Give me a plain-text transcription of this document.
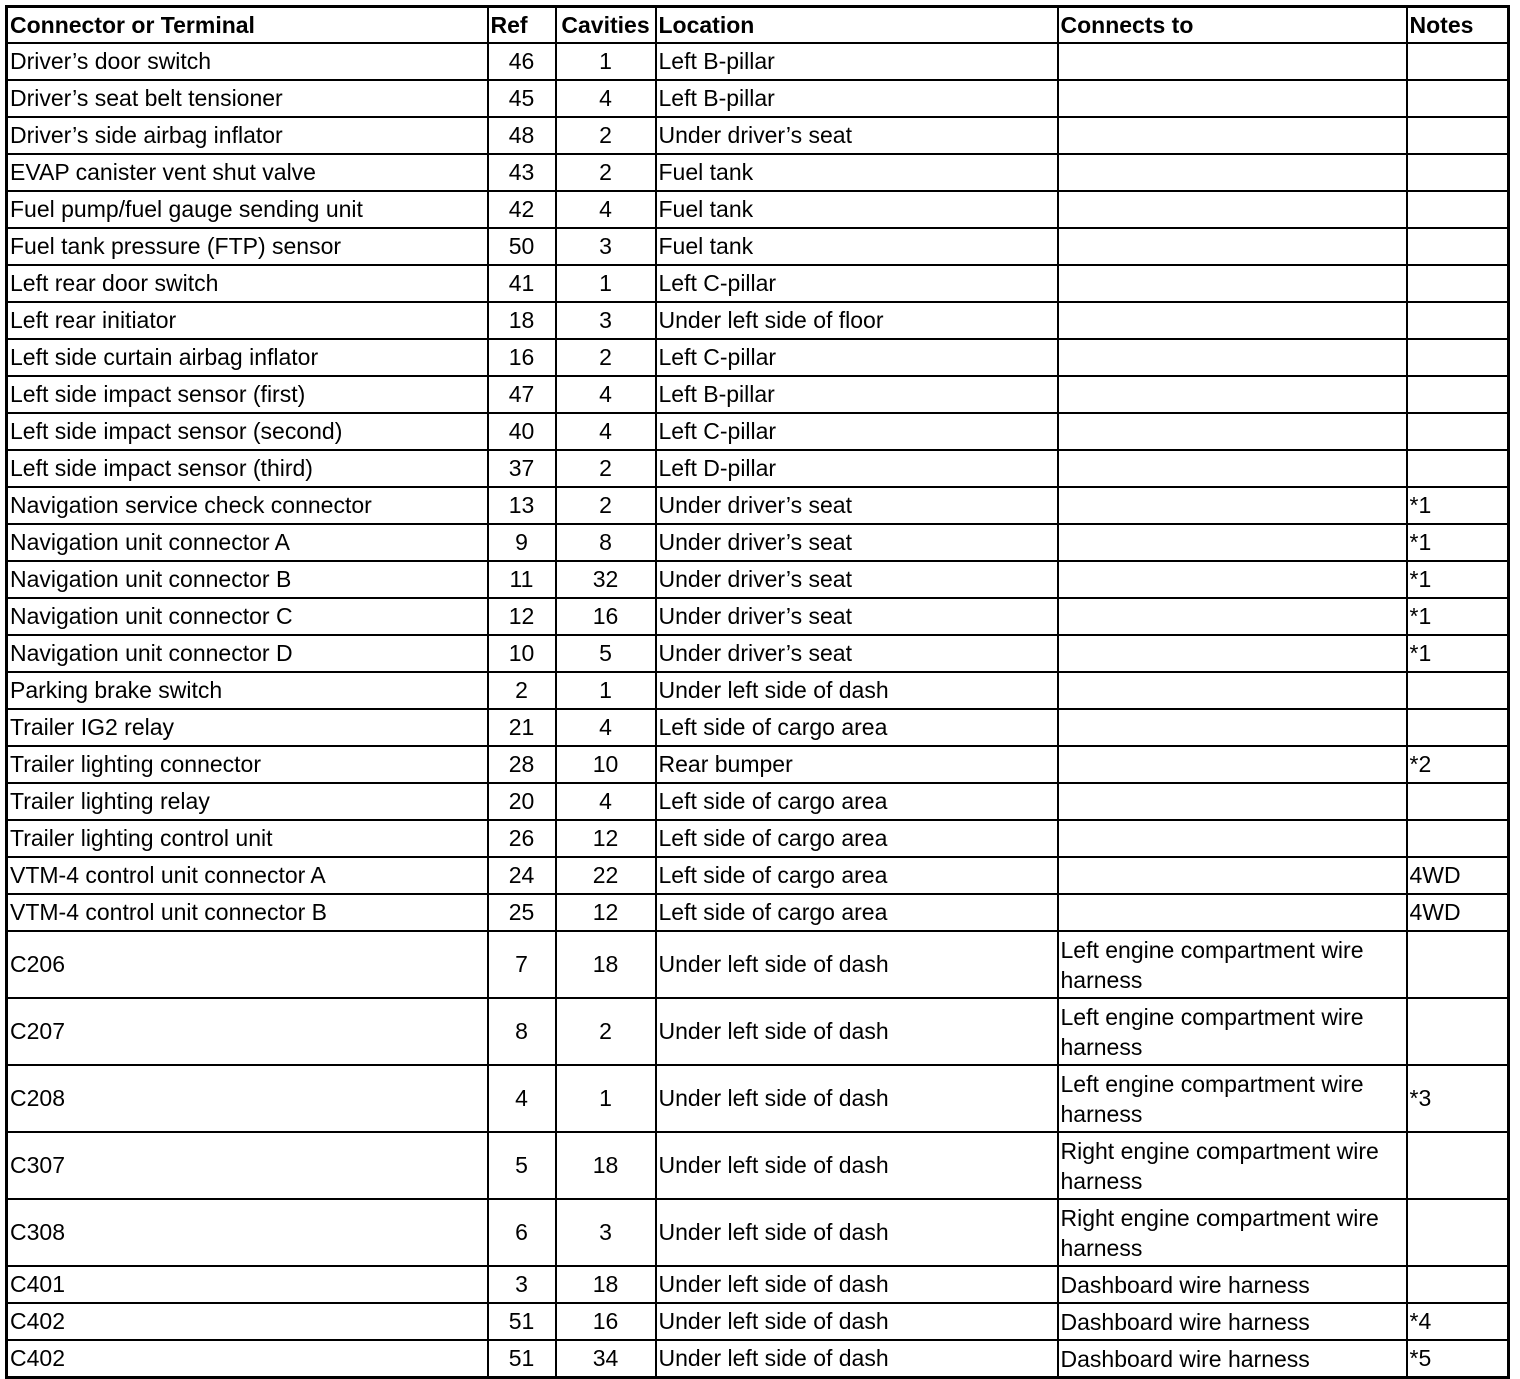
Connector or Terminal	Ref	Cavities	Location	Connects to	Notes
Driver’s door switch	46	1	Left B-pillar		
Driver’s seat belt tensioner	45	4	Left B-pillar		
Driver’s side airbag inflator	48	2	Under driver’s seat		
EVAP canister vent shut valve	43	2	Fuel tank		
Fuel pump/fuel gauge sending unit	42	4	Fuel tank		
Fuel tank pressure (FTP) sensor	50	3	Fuel tank		
Left rear door switch	41	1	Left C-pillar		
Left rear initiator	18	3	Under left side of floor		
Left side curtain airbag inflator	16	2	Left C-pillar		
Left side impact sensor (first)	47	4	Left B-pillar		
Left side impact sensor (second)	40	4	Left C-pillar		
Left side impact sensor (third)	37	2	Left D-pillar		
Navigation service check connector	13	2	Under driver’s seat		*1
Navigation unit connector A	9	8	Under driver’s seat		*1
Navigation unit connector B	11	32	Under driver’s seat		*1
Navigation unit connector C	12	16	Under driver’s seat		*1
Navigation unit connector D	10	5	Under driver’s seat		*1
Parking brake switch	2	1	Under left side of dash		
Trailer IG2 relay	21	4	Left side of cargo area		
Trailer lighting connector	28	10	Rear bumper		*2
Trailer lighting relay	20	4	Left side of cargo area		
Trailer lighting control unit	26	12	Left side of cargo area		
VTM-4 control unit connector A	24	22	Left side of cargo area		4WD
VTM-4 control unit connector B	25	12	Left side of cargo area		4WD
C206	7	18	Under left side of dash	Left engine compartment wire harness	
C207	8	2	Under left side of dash	Left engine compartment wire harness	
C208	4	1	Under left side of dash	Left engine compartment wire harness	*3
C307	5	18	Under left side of dash	Right engine compartment wire harness	
C308	6	3	Under left side of dash	Right engine compartment wire harness	
C401	3	18	Under left side of dash	Dashboard wire harness	
C402	51	16	Under left side of dash	Dashboard wire harness	*4
C402	51	34	Under left side of dash	Dashboard wire harness	*5
